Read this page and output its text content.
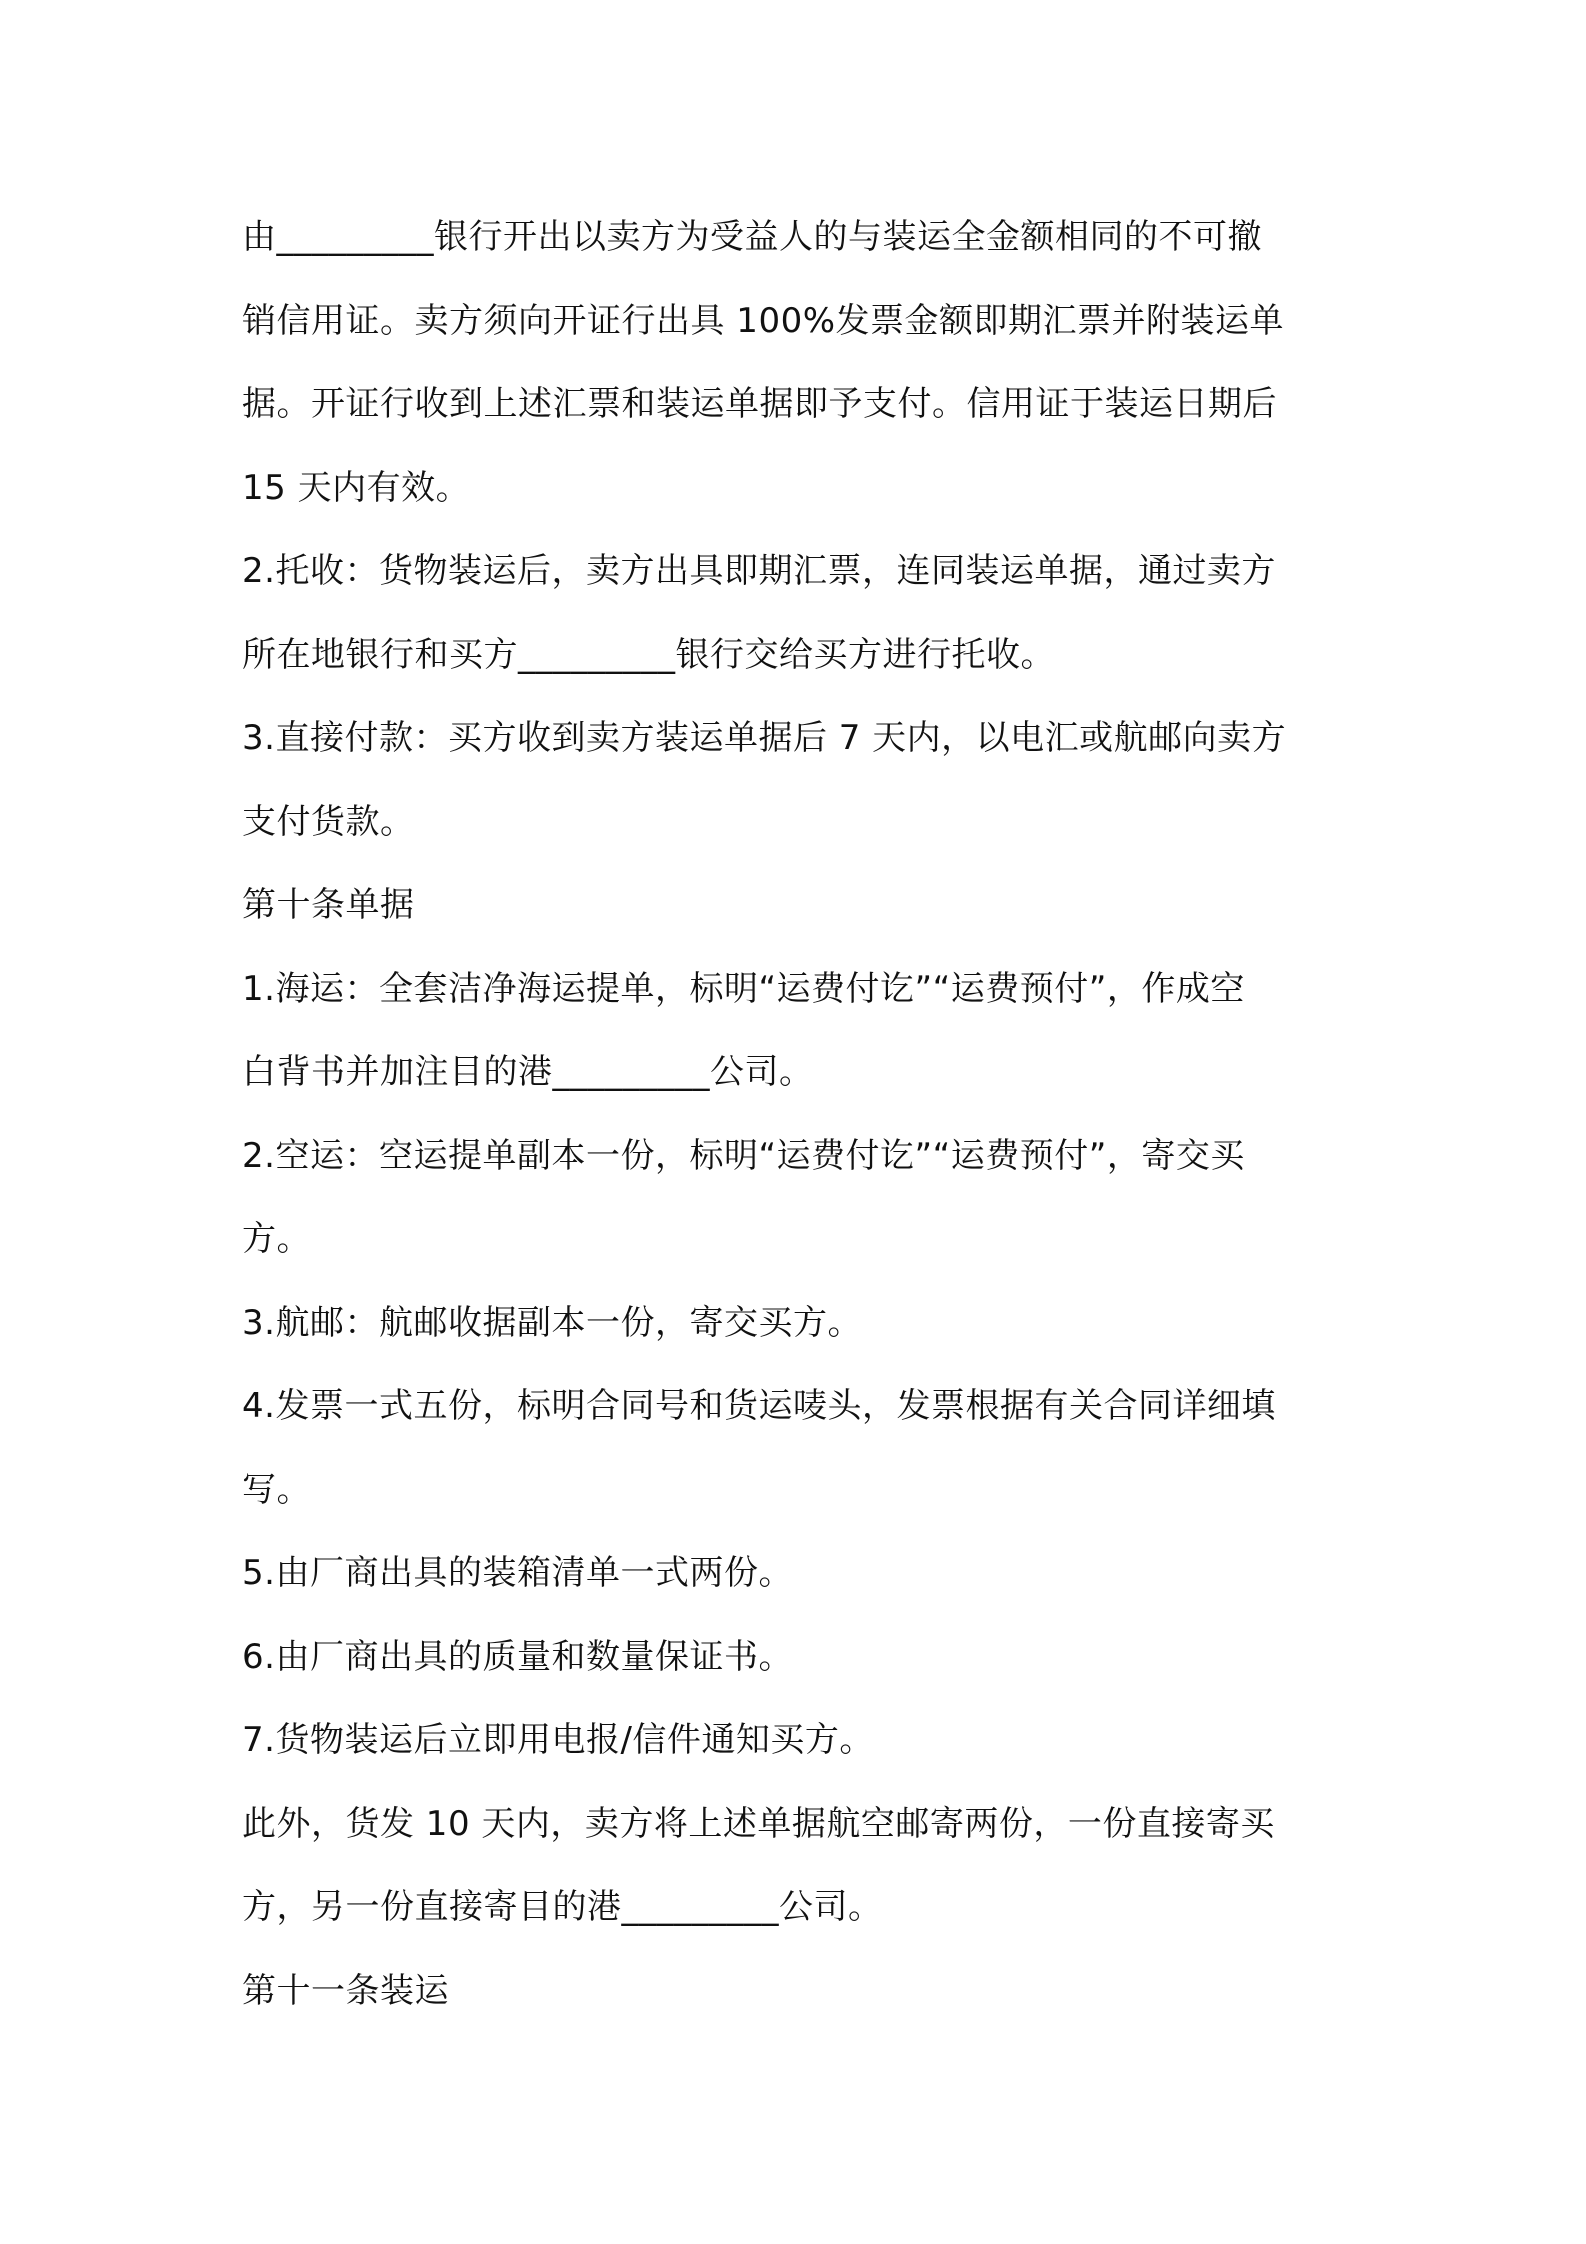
由_________银行开出以卖方为受益人的与装运全金额相同的不可撤
销信用证。卖方须向开证行出具 100%发票金额即期汇票并附装运单
据。开证行收到上述汇票和装运单据即予支付。信用证于装运日期后
15 天内有效。
2.托收：货物装运后，卖方出具即期汇票，连同装运单据，通过卖方
所在地银行和买方_________银行交给买方进行托收。
3.直接付款：买方收到卖方装运单据后 7 天内，以电汇或航邮向卖方
支付货款。
第十条单据
1.海运：全套洁净海运提单，标明“运费付讫”“运费预付”，作成空
白背书并加注目的港_________公司。
2.空运：空运提单副本一份，标明“运费付讫”“运费预付”，寄交买
方。
3.航邮：航邮收据副本一份，寄交买方。
4.发票一式五份，标明合同号和货运唛头，发票根据有关合同详细填
写。
5.由厂商出具的装箱清单一式两份。
6.由厂商出具的质量和数量保证书。
7.货物装运后立即用电报/信件通知买方。
此外，货发 10 天内，卖方将上述单据航空邮寄两份，一份直接寄买
方，另一份直接寄目的港_________公司。
第十一条装运
